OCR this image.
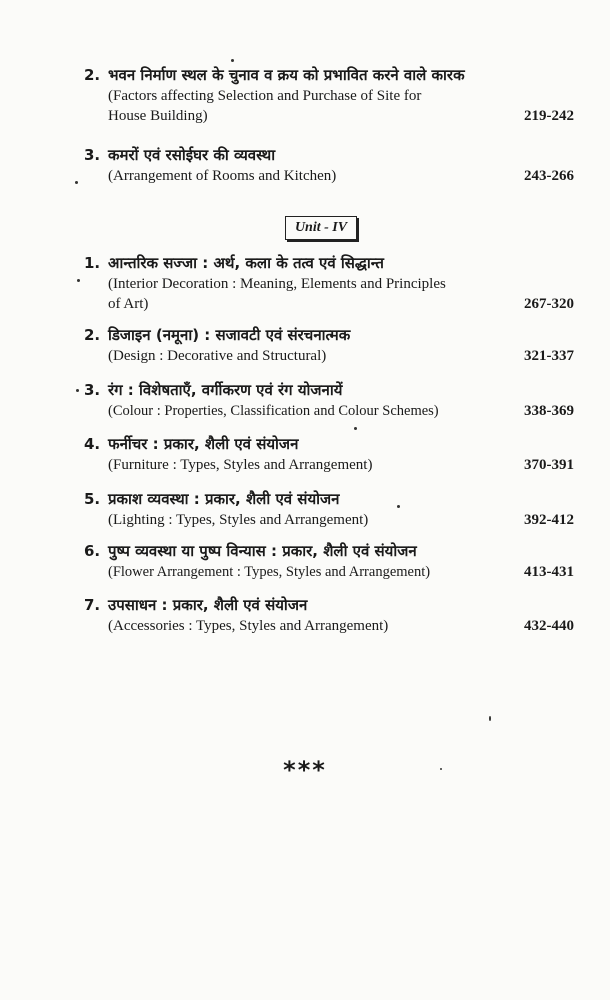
2. भवन निर्माण स्थल के चुनाव व क्रय को प्रभावित करने वाले कारक
(Factors affecting Selection and Purchase of Site for
House Building)	219-242
3. कमरों एवं रसोईघर की व्यवस्था
(Arrangement of Rooms and Kitchen)	243-266
Unit - IV
1. आन्तरिक सज्जा : अर्थ, कला के तत्व एवं सिद्धान्त
(Interior Decoration : Meaning, Elements and Principles
of Art)	267-320
2. डिजाइन (नमूना) : सजावटी एवं संरचनात्मक
(Design : Decorative and Structural)	321-337
3. रंग : विशेषताएँ, वर्गीकरण एवं रंग योजनायें
(Colour : Properties, Classification and Colour Schemes)	338-369
4. फर्नीचर : प्रकार, शैली एवं संयोजन
(Furniture : Types, Styles and Arrangement)	370-391
5. प्रकाश व्यवस्था : प्रकार, शैली एवं संयोजन
(Lighting : Types, Styles and Arrangement)	392-412
6. पुष्प व्यवस्था या पुष्प विन्यास : प्रकार, शैली एवं संयोजन
(Flower Arrangement : Types, Styles and Arrangement)	413-431
7. उपसाधन : प्रकार, शैली एवं संयोजन
(Accessories : Types, Styles and Arrangement)	432-440
***
